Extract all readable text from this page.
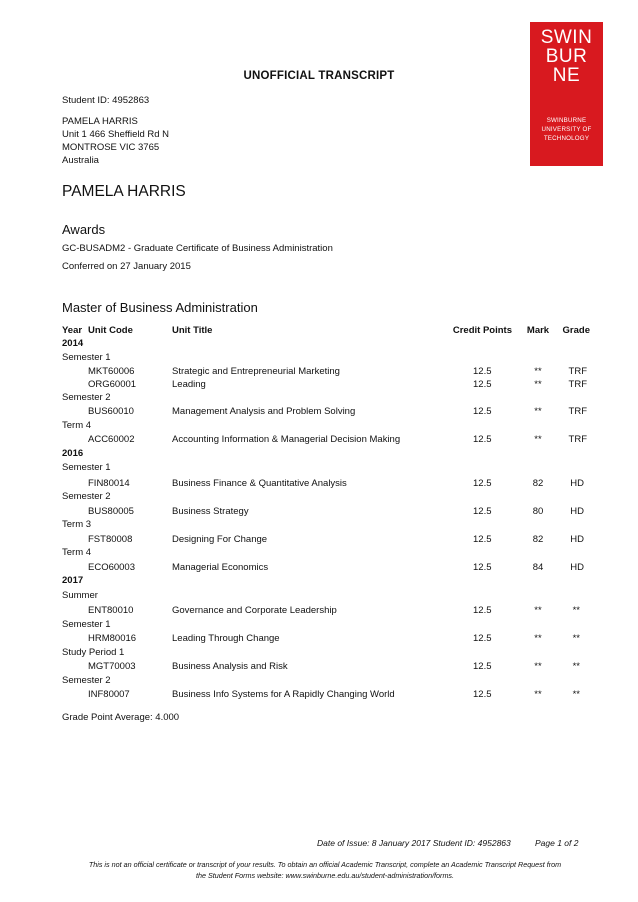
SWIN
BUR
NE
SWINBURNE
UNIVERSITY OF
TECHNOLOGY
UNOFFICIAL TRANSCRIPT
Student ID: 4952863
PAMELA HARRIS
Unit 1 466 Sheffield Rd N
MONTROSE VIC 3765
Australia
PAMELA HARRIS
Awards
GC-BUSADM2 - Graduate Certificate of Business Administration
Conferred on 27 January 2015
Master of Business Administration
Year Unit Code	Unit Title	Credit Points	Mark	Grade
2014
Semester 1
MKT60006	Strategic and Entrepreneurial Marketing	12.5	**	TRF
ORG60001	Leading	12.5	**	TRF
Semester 2
BUS60010	Management Analysis and Problem Solving	12.5	**	TRF
Term 4
ACC60002	Accounting Information & Managerial Decision Making	12.5	**	TRF
2016
Semester 1
FIN80014	Business Finance & Quantitative Analysis	12.5	82	HD
Semester 2
BUS80005	Business Strategy	12.5	80	HD
Term 3
FST80008	Designing For Change	12.5	82	HD
Term 4
ECO60003	Managerial Economics	12.5	84	HD
2017
Summer
ENT80010	Governance and Corporate Leadership	12.5	**	**
Semester 1
HRM80016	Leading Through Change	12.5	**	**
Study Period 1
MGT70003	Business Analysis and Risk	12.5	**	**
Semester 2
INF80007	Business Info Systems for A Rapidly Changing World	12.5	**	**
Grade Point Average: 4.000
Date of Issue: 8 January 2017 Student ID: 4952863	Page 1 of 2
This is not an official certificate or transcript of your results. To obtain an official Academic Transcript, complete an Academic Transcript Request from
the Student Forms website: www.swinburne.edu.au/student-administration/forms.
